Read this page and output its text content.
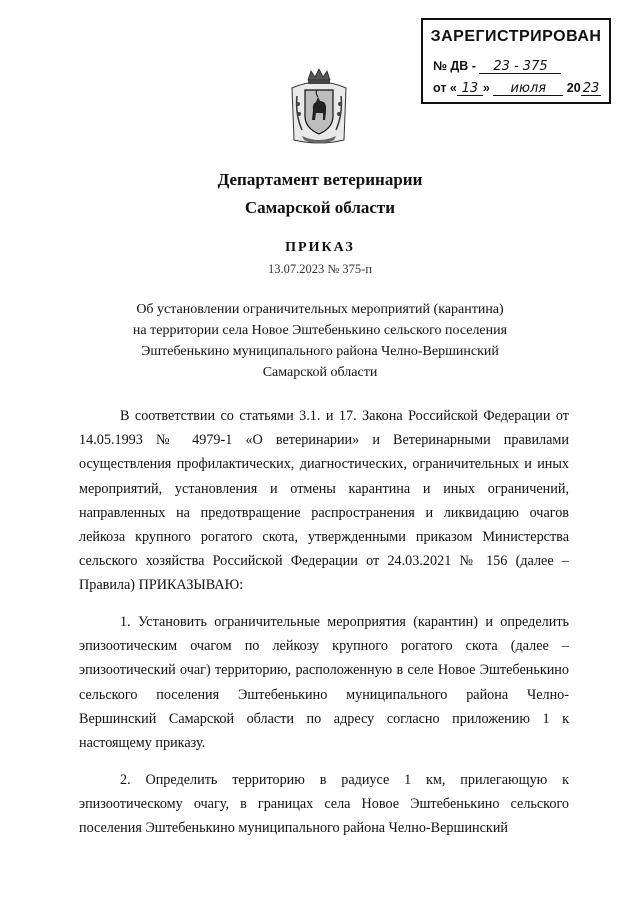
ЗАРЕГИСТРИРОВАН
№ ДВ - 23 - 375
от « 13 » июля 20 23
Департамент ветеринарии
Самарской области
ПРИКАЗ
13.07.2023 № 375-п
Об установлении ограничительных мероприятий (карантина)
на территории села Новое Эштебенькино сельского поселения
Эштебенькино муниципального района Челно-Вершинский
Самарской области

В соответствии со статьями 3.1. и 17. Закона Российской Федерации от 14.05.1993 № 4979-1 «О ветеринарии» и Ветеринарными правилами осуществления профилактических, диагностических, ограничительных и иных мероприятий, установления и отмены карантина и иных ограничений, направленных на предотвращение распространения и ликвидацию очагов лейкоза крупного рогатого скота, утвержденными приказом Министерства сельского хозяйства Российской Федерации от 24.03.2021 № 156 (далее – Правила) ПРИКАЗЫВАЮ:

1. Установить ограничительные мероприятия (карантин) и определить эпизоотическим очагом по лейкозу крупного рогатого скота (далее – эпизоотический очаг) территорию, расположенную в селе Новое Эштебенькино сельского поселения Эштебенькино муниципального района Челно-Вершинский Самарской области по адресу согласно приложению 1 к настоящему приказу.

2. Определить территорию в радиусе 1 км, прилегающую к эпизоотическому очагу, в границах села Новое Эштебенькино сельского поселения Эштебенькино муниципального района Челно-Вершинский
